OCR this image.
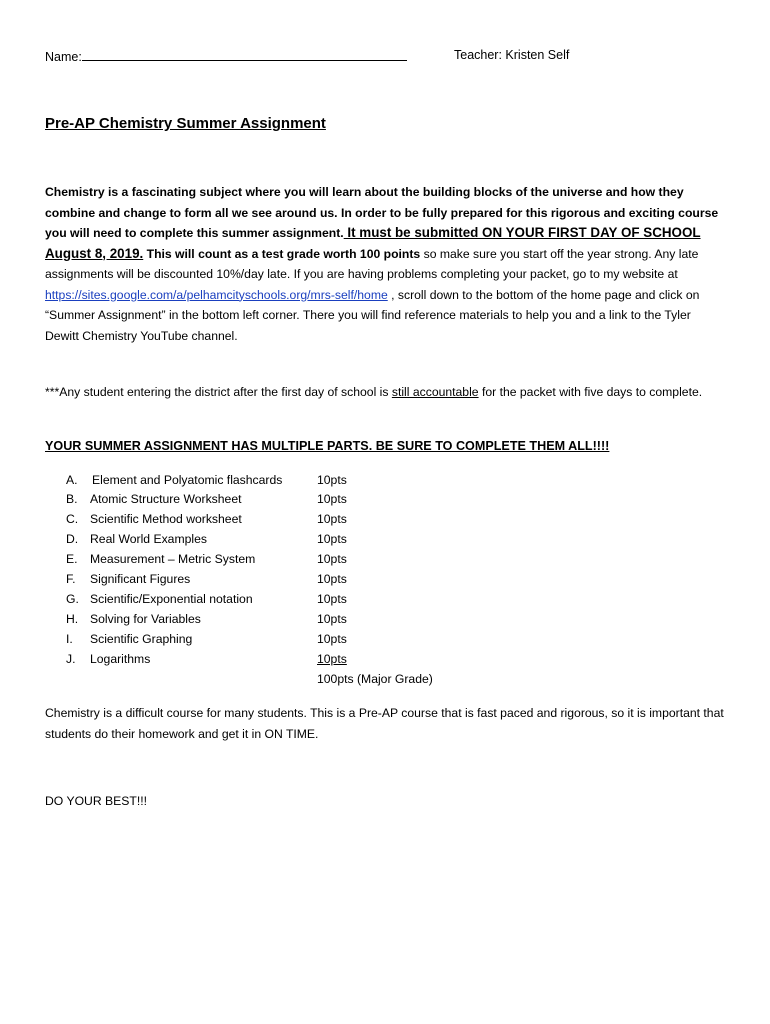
Name:	Teacher: Kristen Self
Pre-AP Chemistry Summer Assignment
Chemistry is a fascinating subject where you will learn about the building blocks of the universe and how they combine and change to form all we see around us. In order to be fully prepared for this rigorous and exciting course you will need to complete this summer assignment. It must be submitted ON YOUR FIRST DAY OF SCHOOL August 8, 2019. This will count as a test grade worth 100 points so make sure you start off the year strong. Any late assignments will be discounted 10%/day late. If you are having problems completing your packet, go to my website at https://sites.google.com/a/pelhamcityschools.org/mrs-self/home , scroll down to the bottom of the home page and click on “Summer Assignment” in the bottom left corner. There you will find reference materials to help you and a link to the Tyler Dewitt Chemistry YouTube channel.
***Any student entering the district after the first day of school is still accountable for the packet with five days to complete.
YOUR SUMMER ASSIGNMENT HAS MULTIPLE PARTS. BE SURE TO COMPLETE THEM ALL!!!!
A. Element and Polyatomic flashcards	10pts
B. Atomic Structure Worksheet	10pts
C. Scientific Method worksheet	10pts
D. Real World Examples	10pts
E. Measurement – Metric System	10pts
F. Significant Figures	10pts
G. Scientific/Exponential notation	10pts
H. Solving for Variables	10pts
I. Scientific Graphing	10pts
J. Logarithms	10pts
100pts (Major Grade)
Chemistry is a difficult course for many students. This is a Pre-AP course that is fast paced and rigorous, so it is important that students do their homework and get it in ON TIME.
DO YOUR BEST!!!
